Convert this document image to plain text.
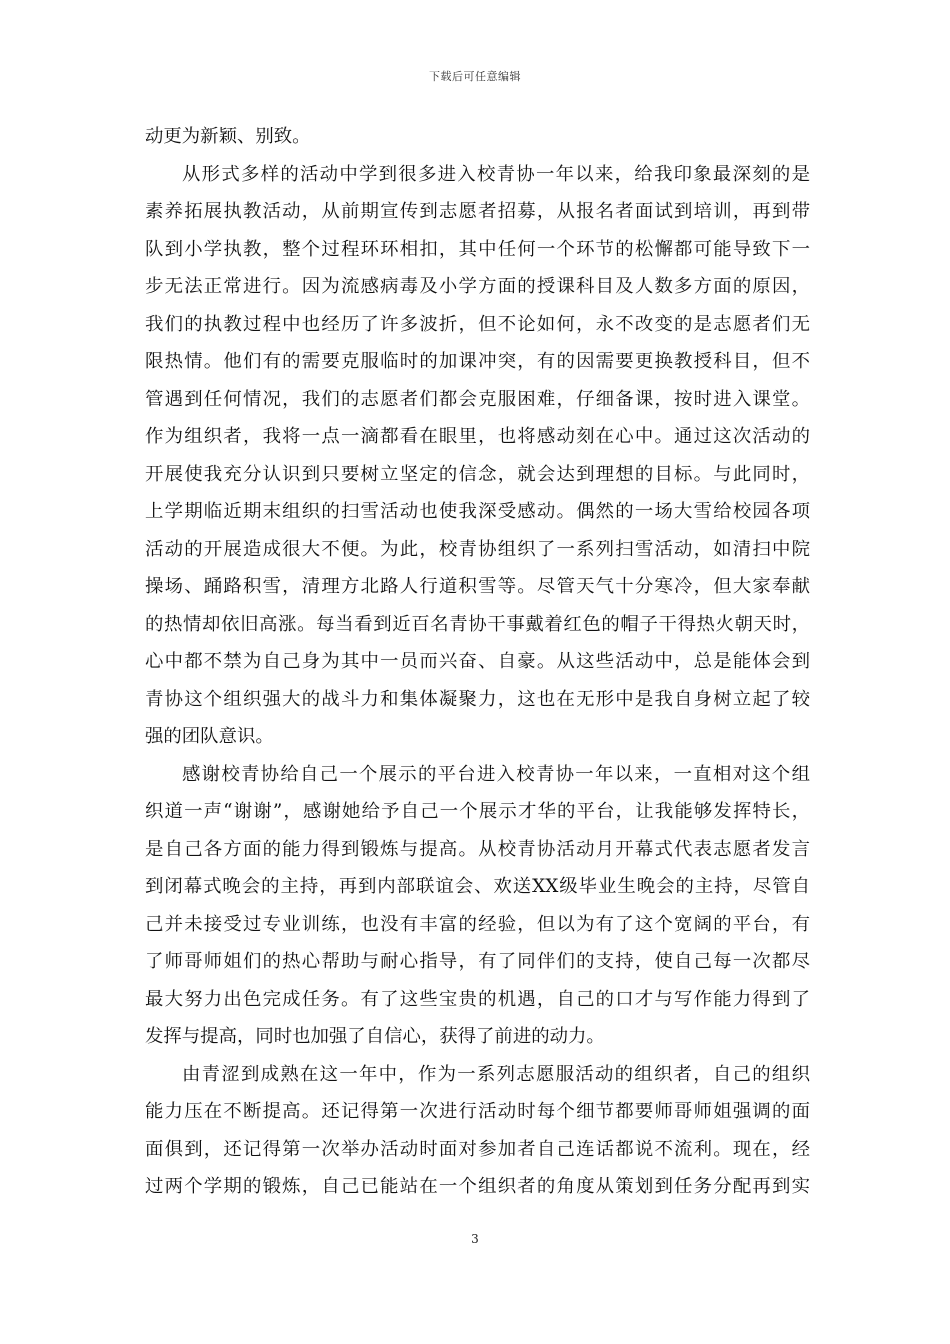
下载后可任意编辑
动更为新颖、别致。
从形式多样的活动中学到很多进入校青协一年以来，给我印象最深刻的是
素养拓展执教活动，从前期宣传到志愿者招募，从报名者面试到培训，再到带
队到小学执教，整个过程环环相扣，其中任何一个环节的松懈都可能导致下一
步无法正常进行。因为流感病毒及小学方面的授课科目及人数多方面的原因，
我们的执教过程中也经历了许多波折，但不论如何，永不改变的是志愿者们无
限热情。他们有的需要克服临时的加课冲突，有的因需要更换教授科目，但不
管遇到任何情况，我们的志愿者们都会克服困难，仔细备课，按时进入课堂。
作为组织者，我将一点一滴都看在眼里，也将感动刻在心中。通过这次活动的
开展使我充分认识到只要树立坚定的信念，就会达到理想的目标。与此同时，
上学期临近期末组织的扫雪活动也使我深受感动。偶然的一场大雪给校园各项
活动的开展造成很大不便。为此，校青协组织了一系列扫雪活动，如清扫中院
操场、踊路积雪，清理方北路人行道积雪等。尽管天气十分寒冷，但大家奉献
的热情却依旧高涨。每当看到近百名青协干事戴着红色的帽子干得热火朝天时，
心中都不禁为自己身为其中一员而兴奋、自豪。从这些活动中，总是能体会到
青协这个组织强大的战斗力和集体凝聚力，这也在无形中是我自身树立起了较
强的团队意识。
感谢校青协给自己一个展示的平台进入校青协一年以来，一直相对这个组
织道一声“谢谢”，感谢她给予自己一个展示才华的平台，让我能够发挥特长，
是自己各方面的能力得到锻炼与提高。从校青协活动月开幕式代表志愿者发言
到闭幕式晚会的主持，再到内部联谊会、欢送XX级毕业生晚会的主持，尽管自
己并未接受过专业训练，也没有丰富的经验，但以为有了这个宽阔的平台，有
了师哥师姐们的热心帮助与耐心指导，有了同伴们的支持，使自己每一次都尽
最大努力出色完成任务。有了这些宝贵的机遇，自己的口才与写作能力得到了
发挥与提高，同时也加强了自信心，获得了前进的动力。
由青涩到成熟在这一年中，作为一系列志愿服活动的组织者，自己的组织
能力压在不断提高。还记得第一次进行活动时每个细节都要师哥师姐强调的面
面俱到，还记得第一次举办活动时面对参加者自己连话都说不流利。现在，经
过两个学期的锻炼，自己已能站在一个组织者的角度从策划到任务分配再到实
3
